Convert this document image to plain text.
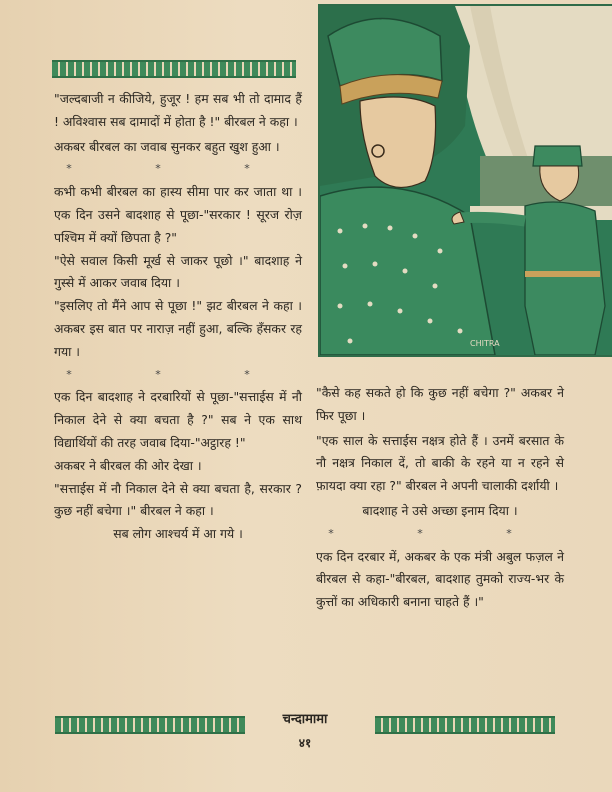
"जल्दबाजी न कीजिये, हुजूर ! हम सब भी तो दामाद हैं ! अविश्वास सब दामादों में होता है !" बीरबल ने कहा ।

अकबर बीरबल का जवाब सुनकर बहुत खुश हुआ ।

* * *

कभी कभी बीरबल का हास्य सीमा पार कर जाता था । एक दिन उसने बादशाह से पूछा-"सरकार ! सूरज रोज़ पश्चिम में क्यों छिपता है ?"

"ऐसे सवाल किसी मूर्ख से जाकर पूछो ।" बादशाह ने गुस्से में आकर जवाब दिया ।

"इसलिए तो मैंने आप से पूछा !" झट बीरबल ने कहा । अकबर इस बात पर नाराज़ नहीं हुआ, बल्कि हँसकर रह गया ।

* * *

एक दिन बादशाह ने दरबारियों से पूछा-"सत्ताईस में नौ निकाल देने से क्या बचता है ?" सब ने एक साथ विद्यार्थियों की तरह जवाब दिया-"अट्ठारह !"

अकबर ने बीरबल की ओर देखा ।

"सत्ताईस में नौ निकाल देने से क्या बचता है, सरकार ? कुछ नहीं बचेगा ।" बीरबल ने कहा ।

सब लोग आश्चर्य में आ गये ।

CHITRA

"कैसे कह सकते हो कि कुछ नहीं बचेगा ?" अकबर ने फिर पूछा ।

"एक साल के सत्ताईस नक्षत्र होते हैं । उनमें बरसात के नौ नक्षत्र निकाल दें, तो बाकी के रहने या न रहने से फ़ायदा क्या रहा ?" बीरबल ने अपनी चालाकी दर्शायी ।

बादशाह ने उसे अच्छा इनाम दिया ।

* * *

एक दिन दरबार में, अकबर के एक मंत्री अबुल फज़ल ने बीरबल से कहा-"बीरबल, बादशाह तुमको राज्य-भर के कुत्तों का अधिकारी बनाना चाहते हैं ।"

चन्दामामा
४१
